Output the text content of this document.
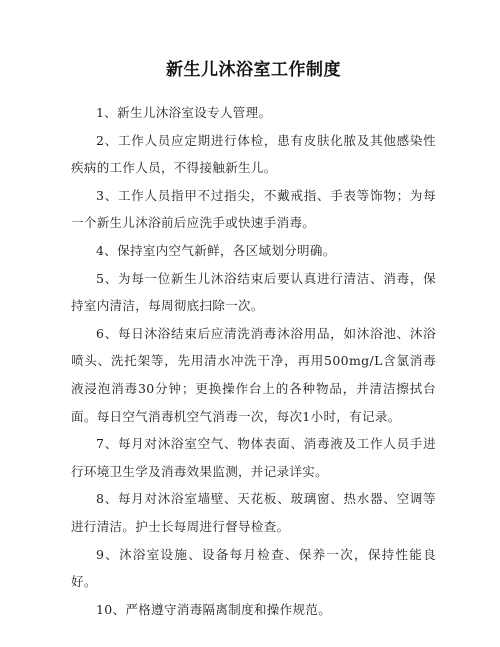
新生儿沐浴室工作制度
1、新生儿沐浴室设专人管理。
2、工作人员应定期进行体检，患有皮肤化脓及其他感染性疾病的工作人员，不得接触新生儿。
3、工作人员指甲不过指尖，不戴戒指、手表等饰物；为每一个新生儿沐浴前后应洗手或快速手消毒。
4、保持室内空气新鲜，各区域划分明确。
5、为每一位新生儿沐浴结束后要认真进行清洁、消毒，保持室内清洁，每周彻底扫除一次。
6、每日沐浴结束后应清洗消毒沐浴用品，如沐浴池、沐浴喷头、洗托架等，先用清水冲洗干净，再用500mg/L含氯消毒液浸泡消毒30分钟；更换操作台上的各种物品，并清洁擦拭台面。每日空气消毒机空气消毒一次，每次1小时，有记录。
7、每月对沐浴室空气、物体表面、消毒液及工作人员手进行环境卫生学及消毒效果监测，并记录详实。
8、每月对沐浴室墙壁、天花板、玻璃窗、热水器、空调等进行清洁。护士长每周进行督导检查。
9、沐浴室设施、设备每月检查、保养一次，保持性能良好。
10、严格遵守消毒隔离制度和操作规范。
